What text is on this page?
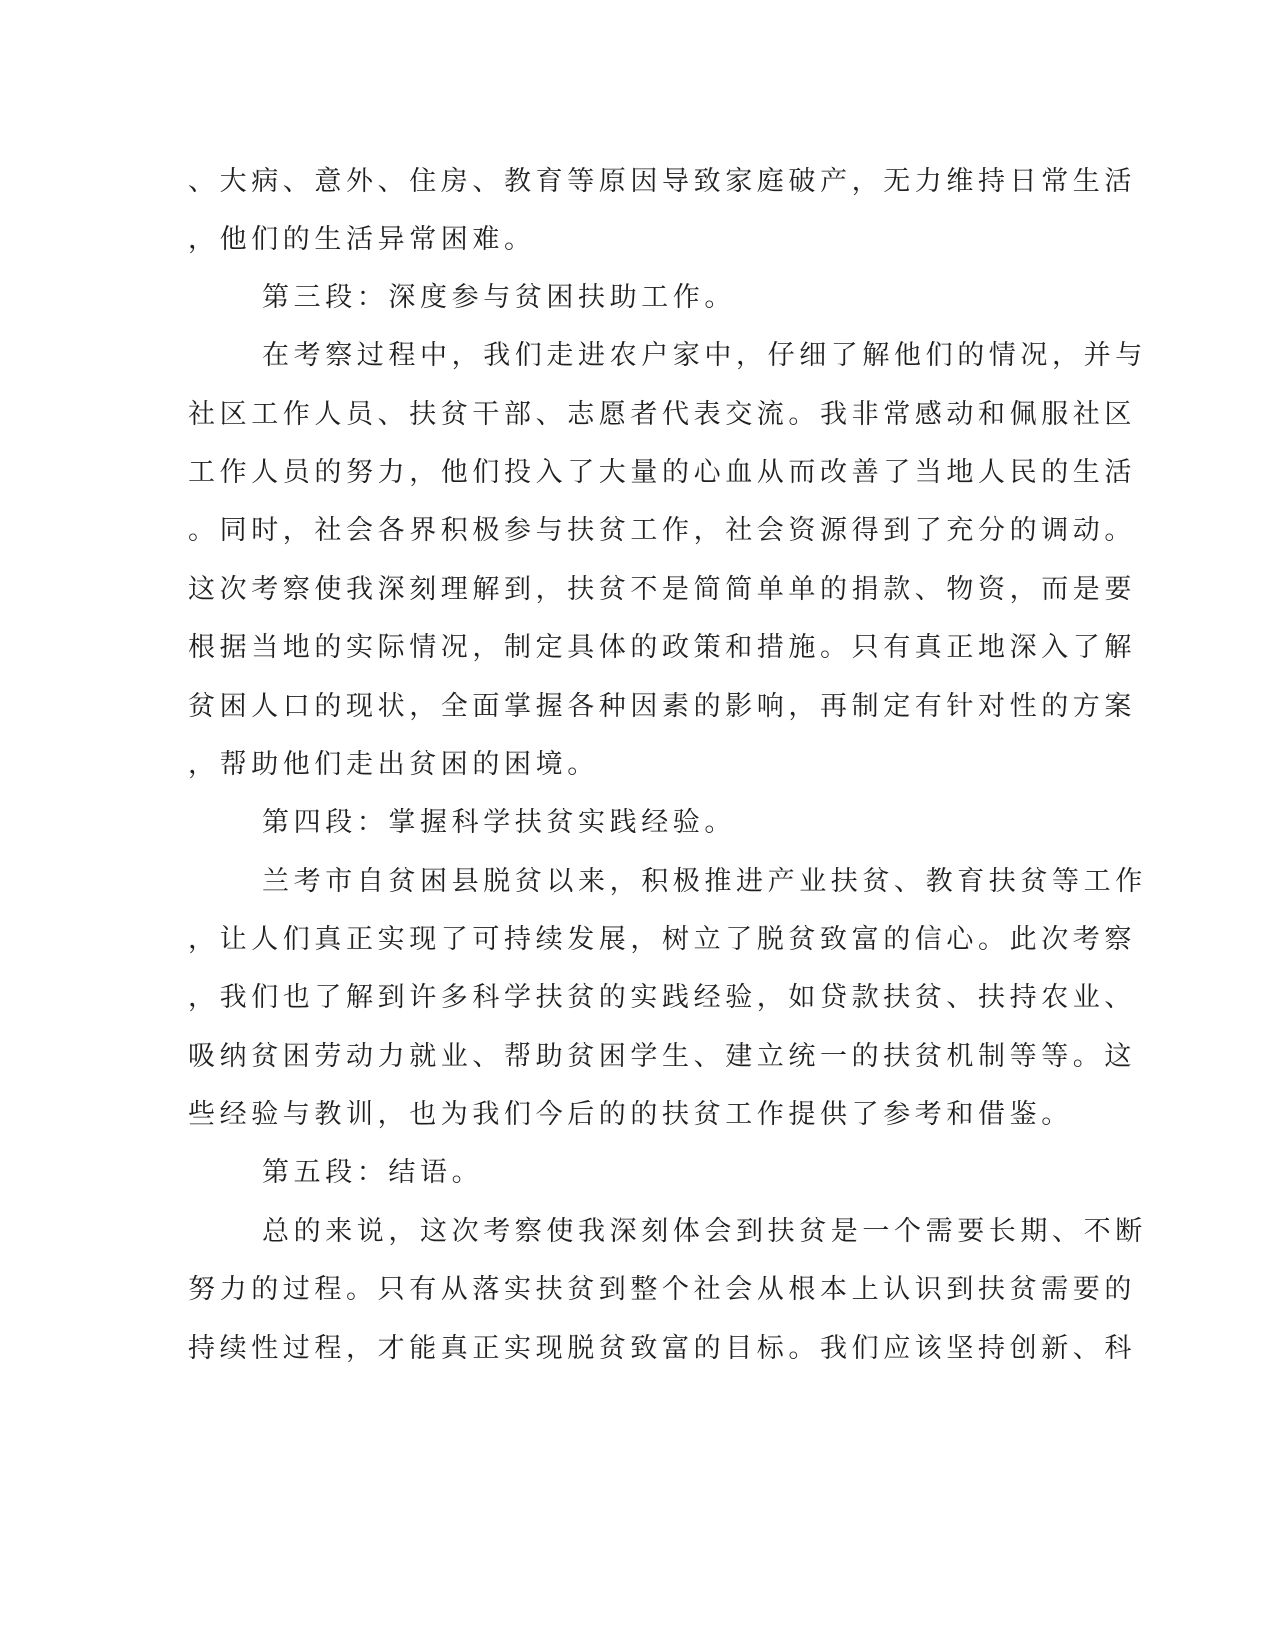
、大病、意外、住房、教育等原因导致家庭破产，无力维持日常生活
，他们的生活异常困难。
第三段：深度参与贫困扶助工作。
在考察过程中，我们走进农户家中，仔细了解他们的情况，并与
社区工作人员、扶贫干部、志愿者代表交流。我非常感动和佩服社区
工作人员的努力，他们投入了大量的心血从而改善了当地人民的生活
。同时，社会各界积极参与扶贫工作，社会资源得到了充分的调动。
这次考察使我深刻理解到，扶贫不是简简单单的捐款、物资，而是要
根据当地的实际情况，制定具体的政策和措施。只有真正地深入了解
贫困人口的现状，全面掌握各种因素的影响，再制定有针对性的方案
，帮助他们走出贫困的困境。
第四段：掌握科学扶贫实践经验。
兰考市自贫困县脱贫以来，积极推进产业扶贫、教育扶贫等工作
，让人们真正实现了可持续发展，树立了脱贫致富的信心。此次考察
，我们也了解到许多科学扶贫的实践经验，如贷款扶贫、扶持农业、
吸纳贫困劳动力就业、帮助贫困学生、建立统一的扶贫机制等等。这
些经验与教训，也为我们今后的的扶贫工作提供了参考和借鉴。
第五段：结语。
总的来说，这次考察使我深刻体会到扶贫是一个需要长期、不断
努力的过程。只有从落实扶贫到整个社会从根本上认识到扶贫需要的
持续性过程，才能真正实现脱贫致富的目标。我们应该坚持创新、科
